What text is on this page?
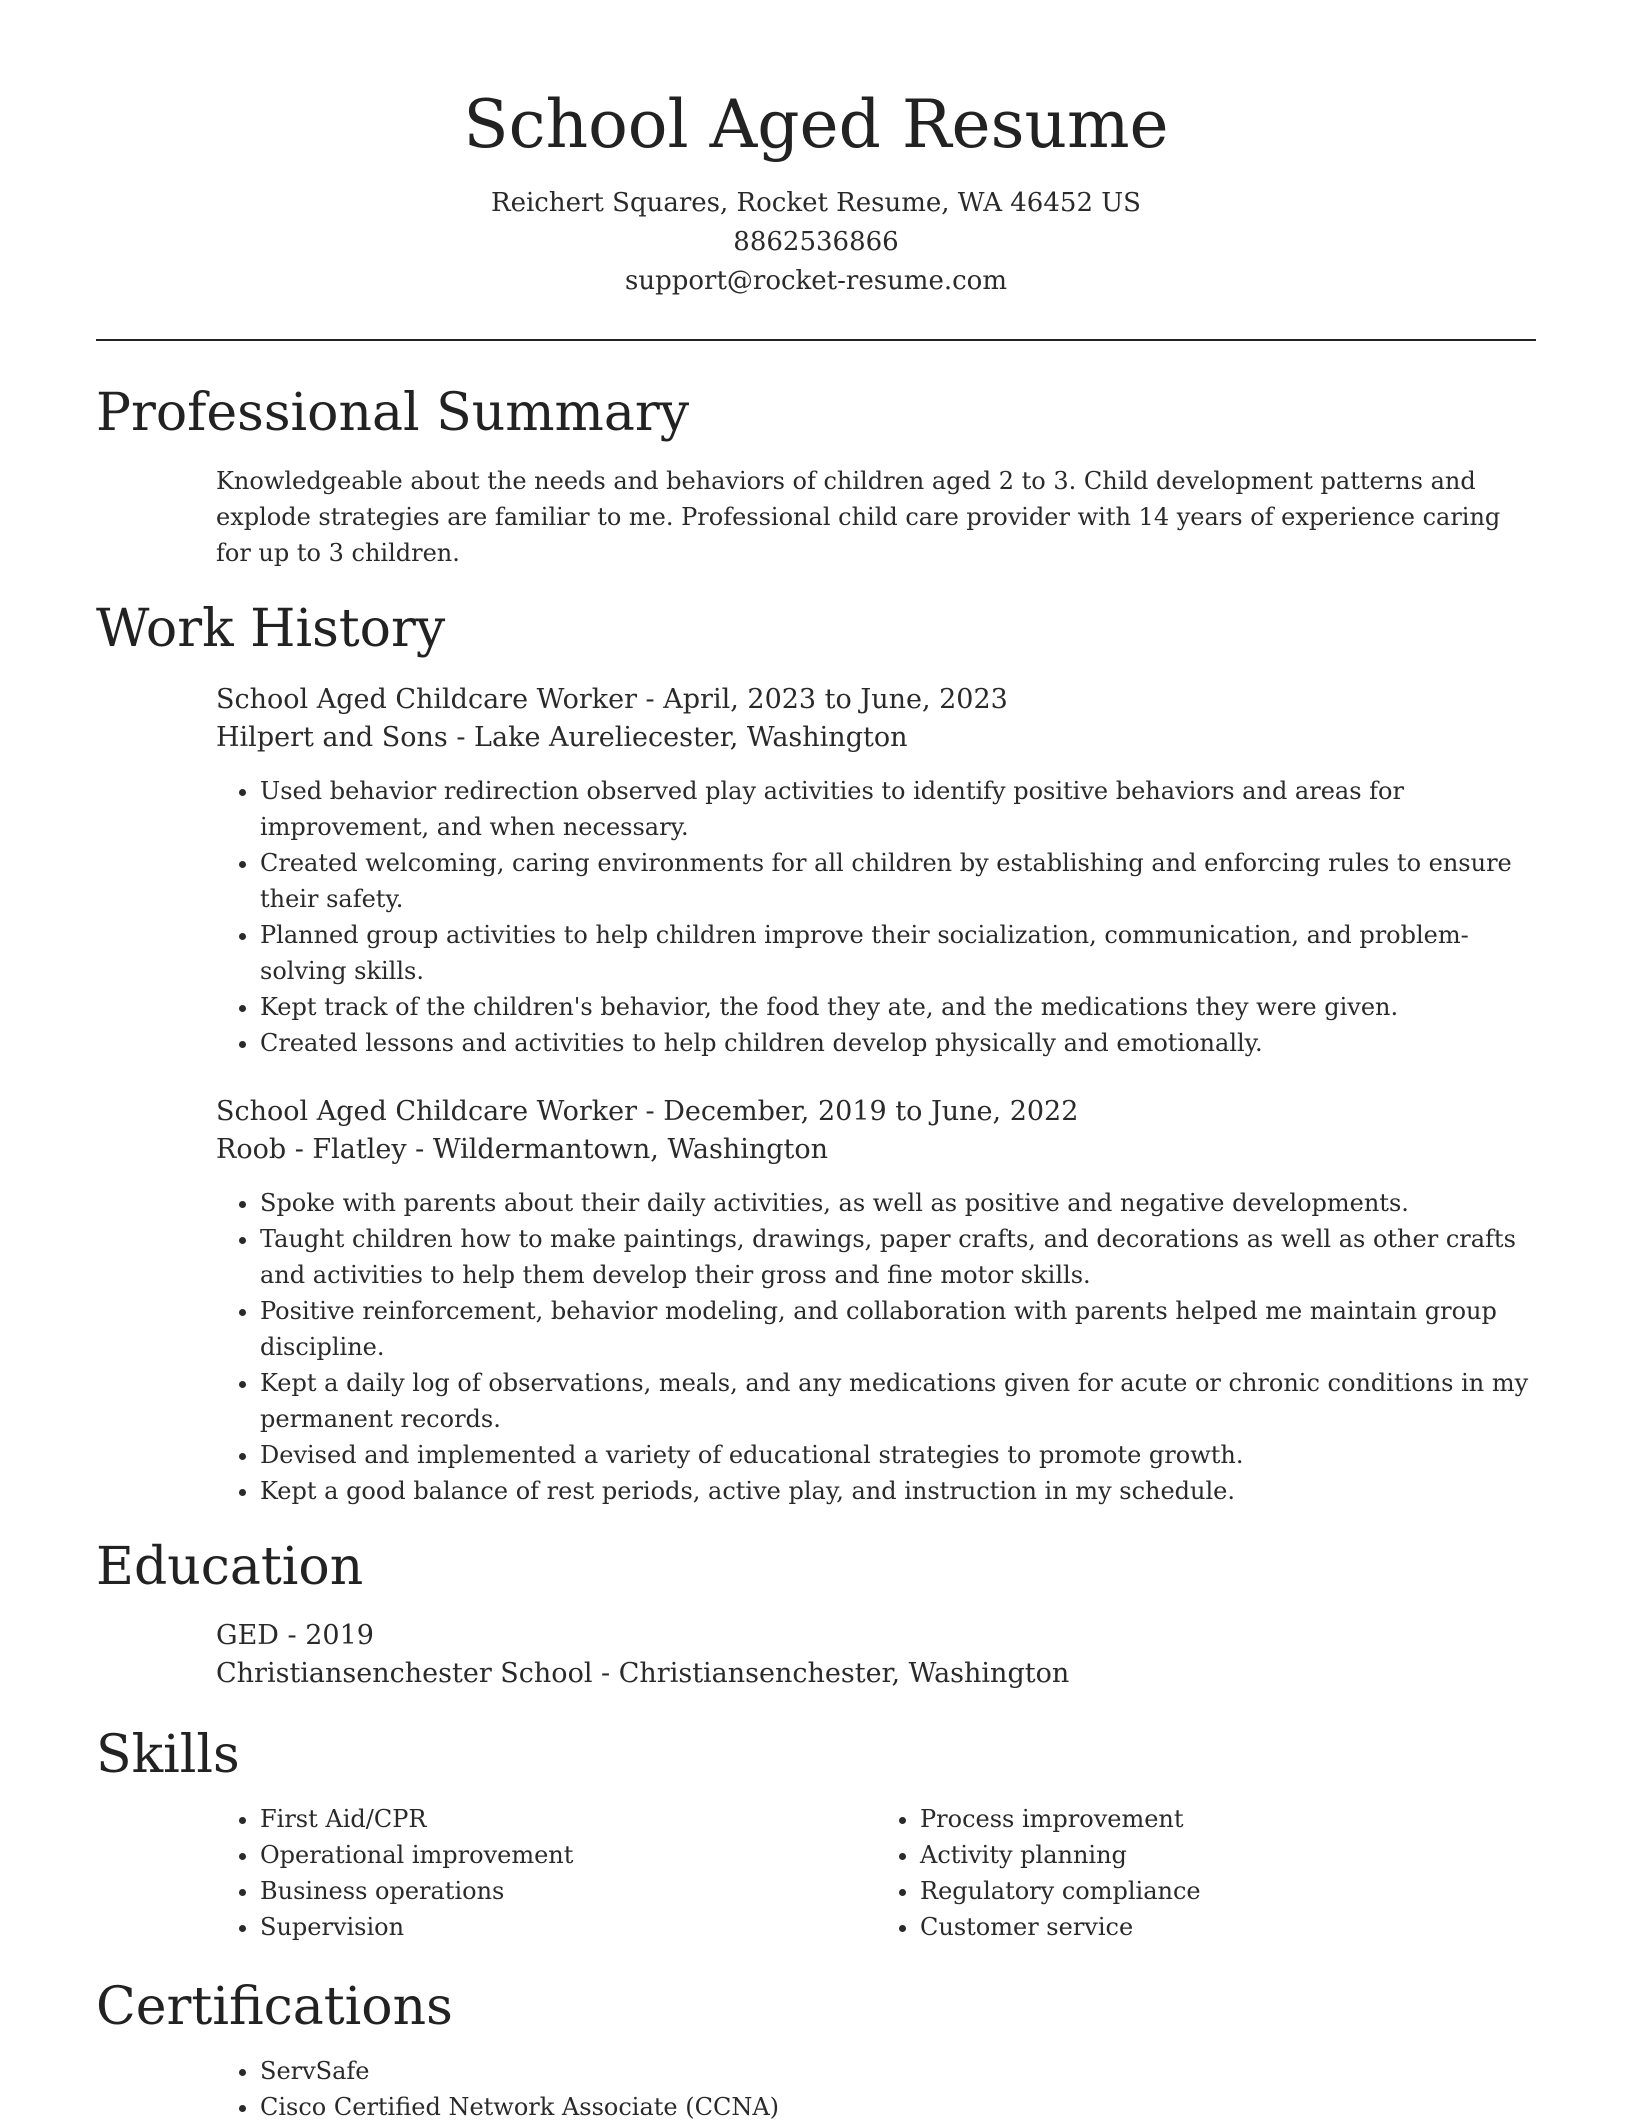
School Aged Resume
Reichert Squares, Rocket Resume, WA 46452 US
8862536866
support@rocket-resume.com
Professional Summary
Knowledgeable about the needs and behaviors of children aged 2 to 3. Child development patterns and explode strategies are familiar to me. Professional child care provider with 14 years of experience caring for up to 3 children.
Work History
School Aged Childcare Worker - April, 2023 to June, 2023
Hilpert and Sons - Lake Aureliecester, Washington
• Used behavior redirection observed play activities to identify positive behaviors and areas for improvement, and when necessary.
• Created welcoming, caring environments for all children by establishing and enforcing rules to ensure their safety.
• Planned group activities to help children improve their socialization, communication, and problem-solving skills.
• Kept track of the children's behavior, the food they ate, and the medications they were given.
• Created lessons and activities to help children develop physically and emotionally.
School Aged Childcare Worker - December, 2019 to June, 2022
Roob - Flatley - Wildermantown, Washington
• Spoke with parents about their daily activities, as well as positive and negative developments.
• Taught children how to make paintings, drawings, paper crafts, and decorations as well as other crafts and activities to help them develop their gross and fine motor skills.
• Positive reinforcement, behavior modeling, and collaboration with parents helped me maintain group discipline.
• Kept a daily log of observations, meals, and any medications given for acute or chronic conditions in my permanent records.
• Devised and implemented a variety of educational strategies to promote growth.
• Kept a good balance of rest periods, active play, and instruction in my schedule.
Education
GED - 2019
Christiansenchester School - Christiansenchester, Washington
Skills
• First Aid/CPR
• Operational improvement
• Business operations
• Supervision
• Process improvement
• Activity planning
• Regulatory compliance
• Customer service
Certifications
• ServSafe
• Cisco Certified Network Associate (CCNA)
